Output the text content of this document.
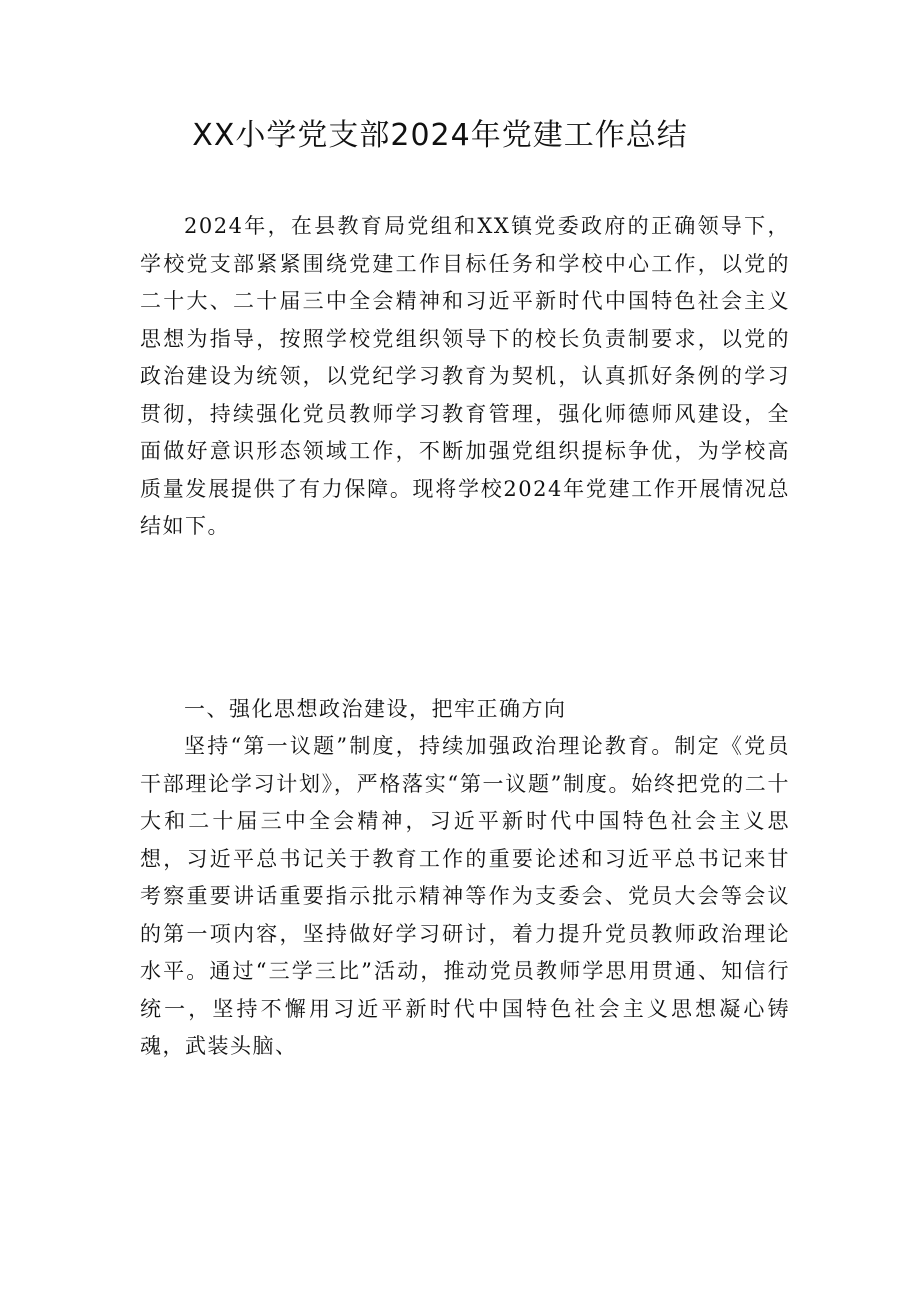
XX小学党支部2024年党建工作总结

2024年，在县教育局党组和XX镇党委政府的正确领导下，学校党支部紧紧围绕党建工作目标任务和学校中心工作，以党的二十大、二十届三中全会精神和习近平新时代中国特色社会主义思想为指导，按照学校党组织领导下的校长负责制要求，以党的政治建设为统领，以党纪学习教育为契机，认真抓好条例的学习贯彻，持续强化党员教师学习教育管理，强化师德师风建设，全面做好意识形态领域工作，不断加强党组织提标争优，为学校高质量发展提供了有力保障。现将学校2024年党建工作开展情况总结如下。

一、强化思想政治建设，把牢正确方向

坚持“第一议题”制度，持续加强政治理论教育。制定《党员干部理论学习计划》，严格落实“第一议题”制度。始终把党的二十大和二十届三中全会精神，习近平新时代中国特色社会主义思想，习近平总书记关于教育工作的重要论述和习近平总书记来甘考察重要讲话重要指示批示精神等作为支委会、党员大会等会议的第一项内容，坚持做好学习研讨，着力提升党员教师政治理论水平。通过“三学三比”活动，推动党员教师学思用贯通、知信行统一，坚持不懈用习近平新时代中国特色社会主义思想凝心铸魂，武装头脑、
